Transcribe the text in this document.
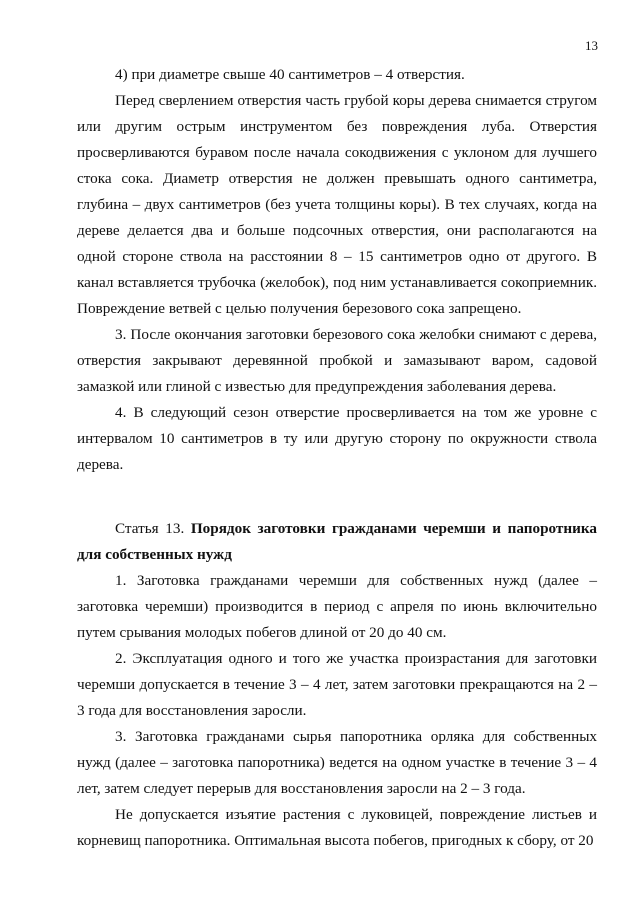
13

4) при диаметре свыше 40 сантиметров – 4 отверстия.

Перед сверлением отверстия часть грубой коры дерева снимается стругом или другим острым инструментом без повреждения луба. Отверстия просверливаются буравом после начала сокодвижения с уклоном для лучшего стока сока. Диаметр отверстия не должен превышать одного сантиметра, глубина – двух сантиметров (без учета толщины коры). В тех случаях, когда на дереве делается два и больше подсочных отверстия, они располагаются на одной стороне ствола на расстоянии 8 – 15 сантиметров одно от другого. В канал вставляется трубочка (желобок), под ним устанавливается сокоприемник. Повреждение ветвей с целью получения березового сока запрещено.

3. После окончания заготовки березового сока желобки снимают с дерева, отверстия закрывают деревянной пробкой и замазывают варом, садовой замазкой или глиной с известью для предупреждения заболевания дерева.

4. В следующий сезон отверстие просверливается на том же уровне с интервалом 10 сантиметров в ту или другую сторону по окружности ствола дерева.

Статья 13. Порядок заготовки гражданами черемши и папоротника для собственных нужд

1. Заготовка гражданами черемши для собственных нужд (далее – заготовка черемши) производится в период с апреля по июнь включительно путем срывания молодых побегов длиной от 20 до 40 см.

2. Эксплуатация одного и того же участка произрастания для заготовки черемши допускается в течение 3 – 4 лет, затем заготовки прекращаются на 2 – 3 года для восстановления заросли.

3. Заготовка гражданами сырья папоротника орляка для собственных нужд (далее – заготовка папоротника) ведется на одном участке в течение 3 – 4 лет, затем следует перерыв для восстановления заросли на 2 – 3 года.

Не допускается изъятие растения с луковицей, повреждение листьев и корневищ папоротника. Оптимальная высота побегов, пригодных к сбору, от 20
